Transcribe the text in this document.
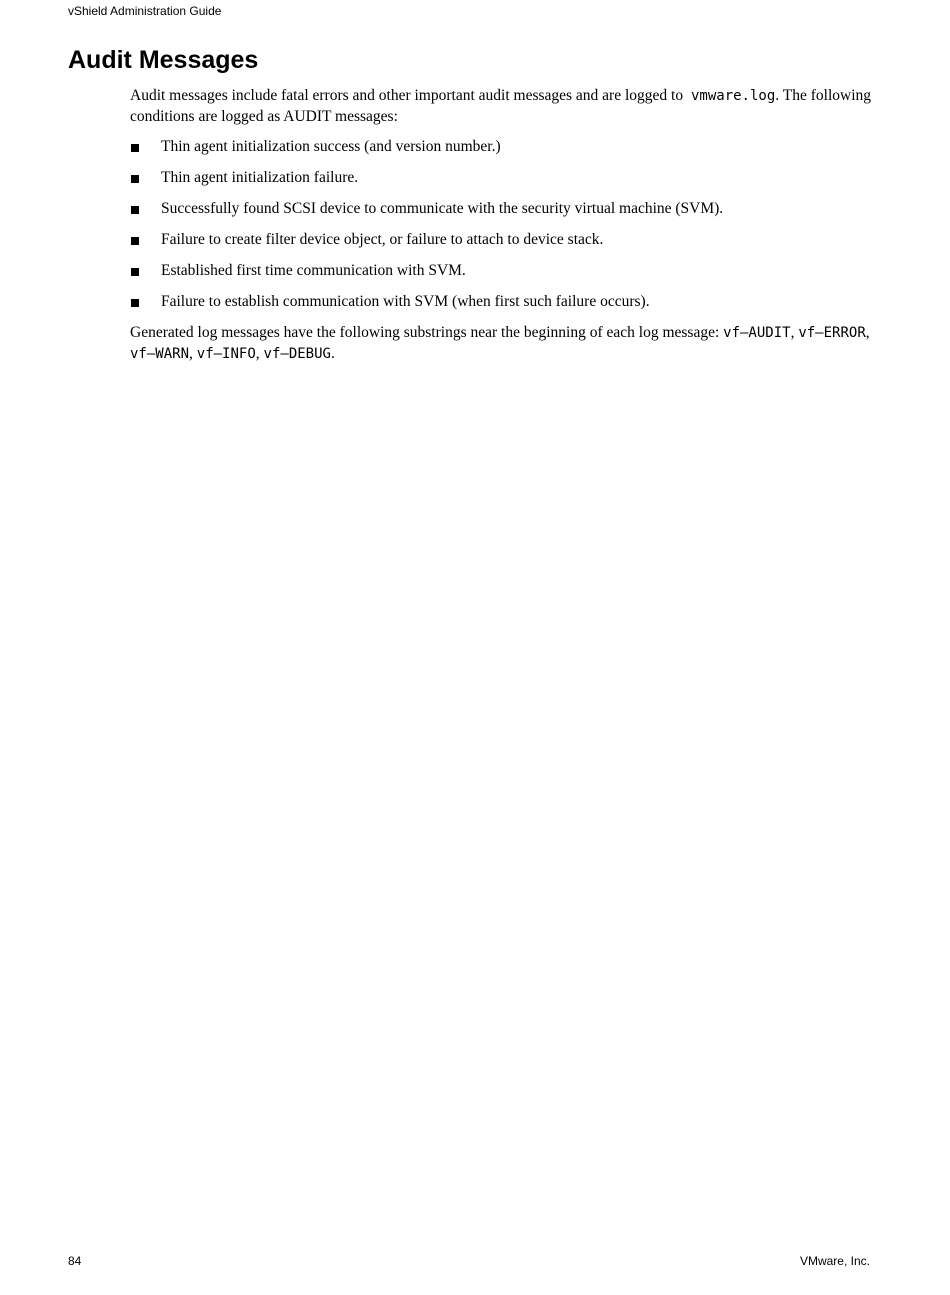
vShield Administration Guide

Audit Messages

Audit messages include fatal errors and other important audit messages and are logged to vmware.log. The following conditions are logged as AUDIT messages:

Thin agent initialization success (and version number.)
Thin agent initialization failure.
Successfully found SCSI device to communicate with the security virtual machine (SVM).
Failure to create filter device object, or failure to attach to device stack.
Established first time communication with SVM.
Failure to establish communication with SVM (when first such failure occurs).

Generated log messages have the following substrings near the beginning of each log message: vf–AUDIT, vf–ERROR, vf–WARN, vf–INFO, vf–DEBUG.

84	VMware, Inc.
